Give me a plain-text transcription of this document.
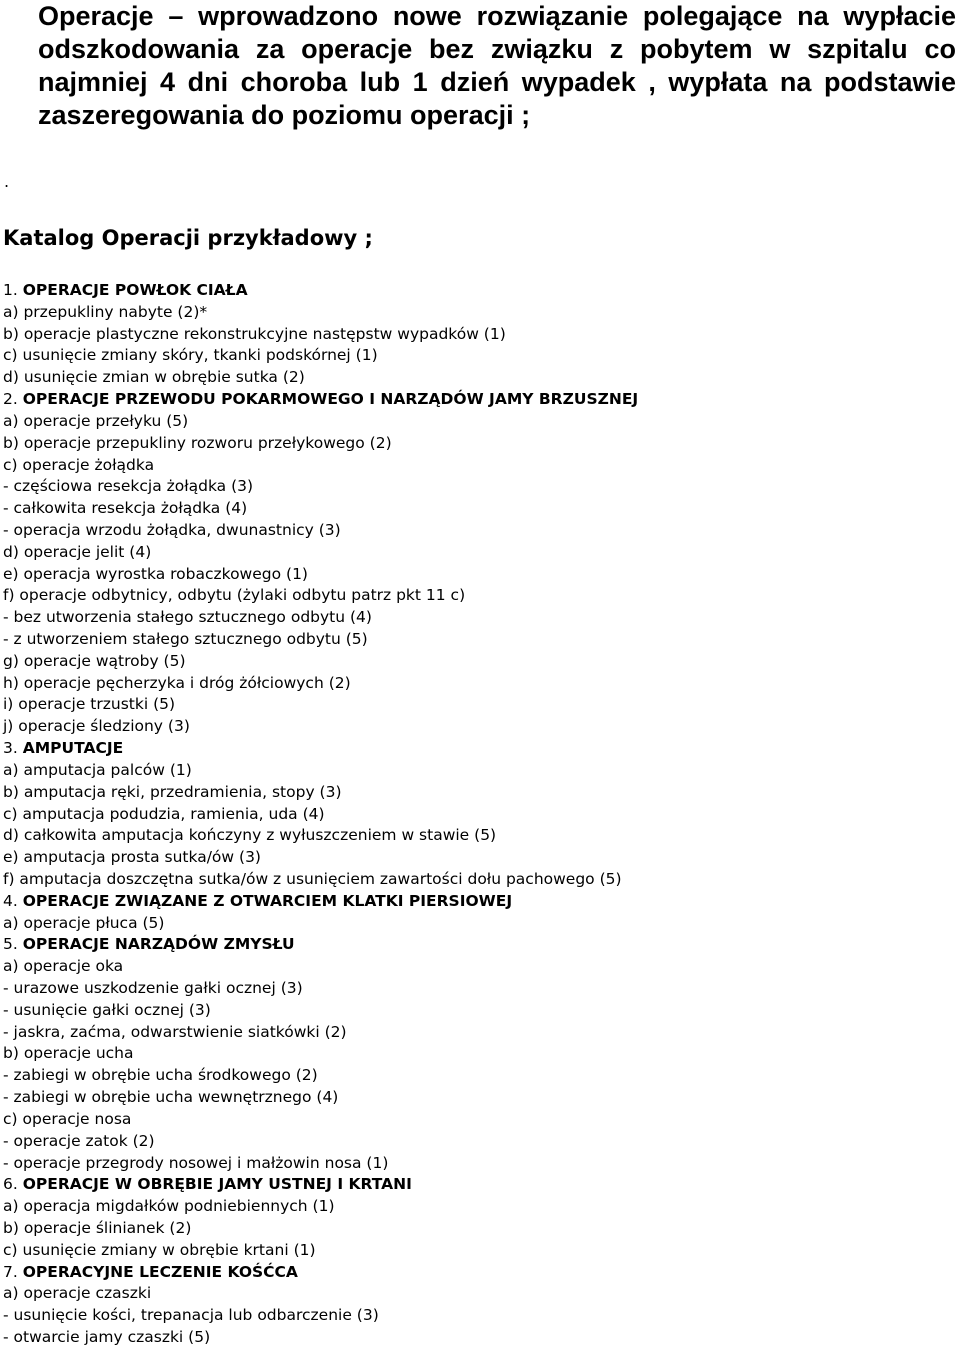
Operacje – wprowadzono nowe rozwiązanie polegające na wypłacie odszkodowania za operacje bez związku z pobytem w szpitalu co najmniej 4 dni choroba lub 1 dzień wypadek , wypłata na podstawie zaszeregowania do poziomu operacji ;

.

Katalog Operacji przykładowy ;

1. OPERACJE POWŁOK CIAŁA
a) przepukliny nabyte (2)*
b) operacje plastyczne rekonstrukcyjne następstw wypadków (1)
c) usunięcie zmiany skóry, tkanki podskórnej (1)
d) usunięcie zmian w obrębie sutka (2)
2. OPERACJE PRZEWODU POKARMOWEGO I NARZĄDÓW JAMY BRZUSZNEJ
a) operacje przełyku (5)
b) operacje przepukliny rozworu przełykowego (2)
c) operacje żołądka
- częściowa resekcja żołądka (3)
- całkowita resekcja żołądka (4)
- operacja wrzodu żołądka, dwunastnicy (3)
d) operacje jelit (4)
e) operacja wyrostka robaczkowego (1)
f) operacje odbytnicy, odbytu (żylaki odbytu patrz pkt 11 c)
- bez utworzenia stałego sztucznego odbytu (4)
- z utworzeniem stałego sztucznego odbytu (5)
g) operacje wątroby (5)
h) operacje pęcherzyka i dróg żółciowych (2)
i) operacje trzustki (5)
j) operacje śledziony (3)
3. AMPUTACJE
a) amputacja palców (1)
b) amputacja ręki, przedramienia, stopy (3)
c) amputacja podudzia, ramienia, uda (4)
d) całkowita amputacja kończyny z wyłuszczeniem w stawie (5)
e) amputacja prosta sutka/ów (3)
f) amputacja doszczętna sutka/ów z usunięciem zawartości dołu pachowego (5)
4. OPERACJE ZWIĄZANE Z OTWARCIEM KLATKI PIERSIOWEJ
a) operacje płuca (5)
5. OPERACJE NARZĄDÓW ZMYSŁU
a) operacje oka
- urazowe uszkodzenie gałki ocznej (3)
- usunięcie gałki ocznej (3)
- jaskra, zaćma, odwarstwienie siatkówki (2)
b) operacje ucha
- zabiegi w obrębie ucha środkowego (2)
- zabiegi w obrębie ucha wewnętrznego (4)
c) operacje nosa
- operacje zatok (2)
- operacje przegrody nosowej i małżowin nosa (1)
6. OPERACJE W OBRĘBIE JAMY USTNEJ I KRTANI
a) operacja migdałków podniebiennych (1)
b) operacje ślinianek (2)
c) usunięcie zmiany w obrębie krtani (1)
7. OPERACYJNE LECZENIE KOŚĆCA
a) operacje czaszki
- usunięcie kości, trepanacja lub odbarczenie (3)
- otwarcie jamy czaszki (5)
